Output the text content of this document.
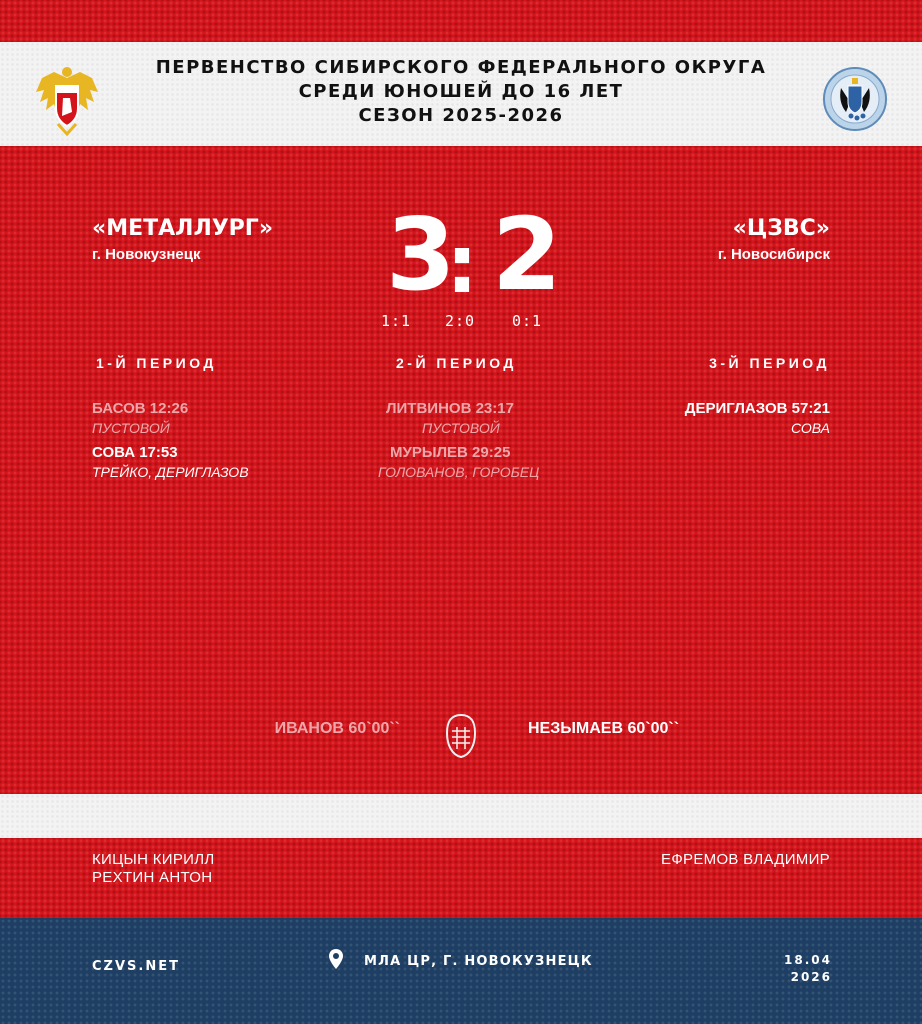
ПЕРВЕНСТВО СИБИРСКОГО ФЕДЕРАЛЬНОГО ОКРУГА
СРЕДИ ЮНОШЕЙ ДО 16 ЛЕТ
СЕЗОН 2025-2026
«МЕТАЛЛУРГ»
г. Новокузнецк
«ЦЗВС»
г. Новосибирск
3
: 2
1:1 2:0 0:1
1-Й ПЕРИОД	2-Й ПЕРИОД	3-Й ПЕРИОД
БАСОВ 12:26
ПУСТОВОЙ
СОВА 17:53
ТРЕЙКО, ДЕРИГЛАЗОВ
ЛИТВИНОВ 23:17
ПУСТОВОЙ
МУРЫЛЕВ 29:25
ГОЛОВАНОВ, ГОРОБЕЦ
ДЕРИГЛАЗОВ 57:21
СОВА
ИВАНОВ 60`00``	НЕЗЫМАЕВ 60`00``
КИЦЫН КИРИЛЛ
РЕХТИН АНТОН
ЕФРЕМОВ ВЛАДИМИР
CZVS.NET	МЛА ЦР, Г. НОВОКУЗНЕЦК	18.04
2026
